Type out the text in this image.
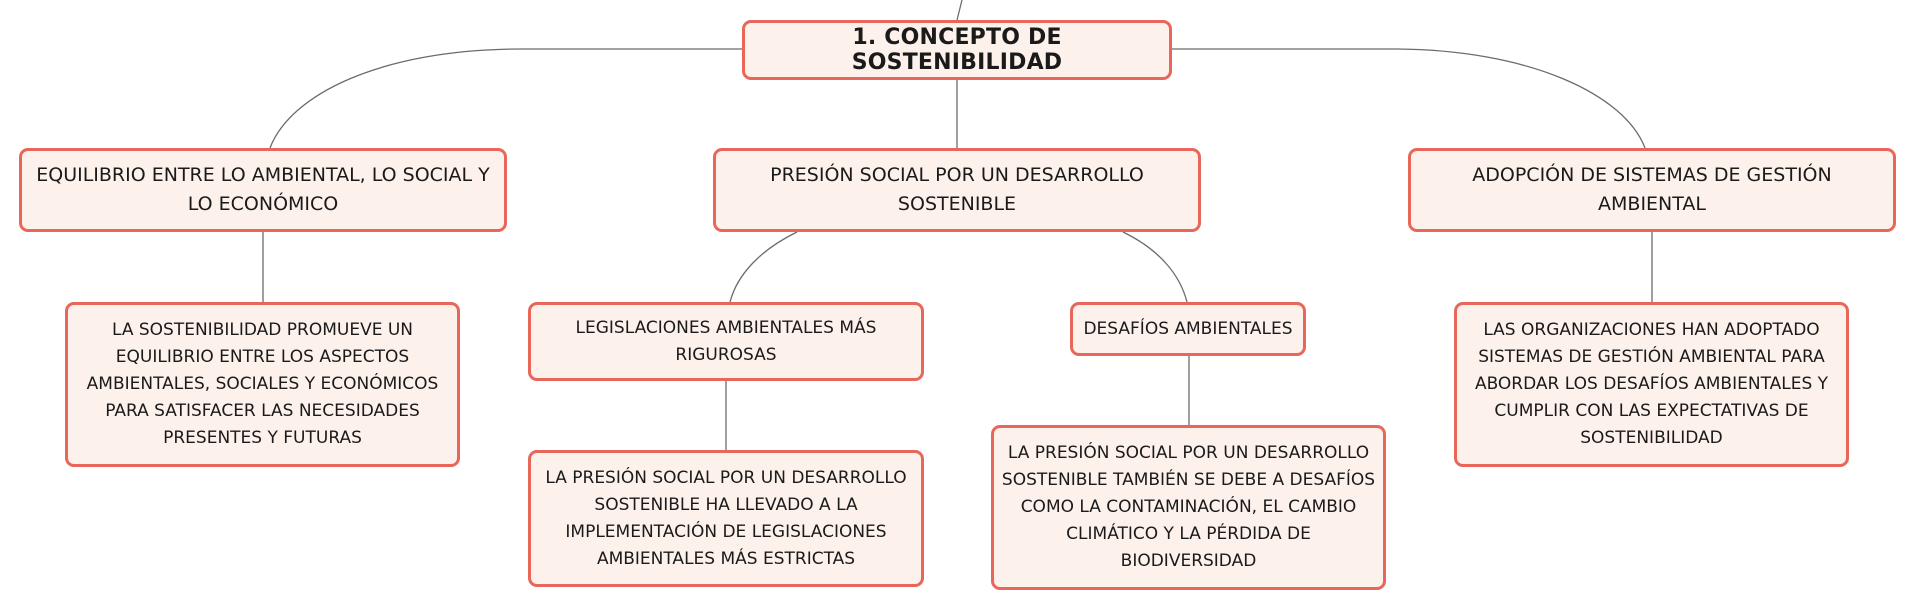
1. CONCEPTO DE SOSTENIBILIDAD
EQUILIBRIO ENTRE LO AMBIENTAL, LO SOCIAL Y LO ECONÓMICO
PRESIÓN SOCIAL POR UN DESARROLLO SOSTENIBLE
ADOPCIÓN DE SISTEMAS DE GESTIÓN AMBIENTAL
LA SOSTENIBILIDAD PROMUEVE UN EQUILIBRIO ENTRE LOS ASPECTOS AMBIENTALES, SOCIALES Y ECONÓMICOS PARA SATISFACER LAS NECESIDADES PRESENTES Y FUTURAS
LEGISLACIONES AMBIENTALES MÁS RIGUROSAS
DESAFÍOS AMBIENTALES
LA PRESIÓN SOCIAL POR UN DESARROLLO SOSTENIBLE HA LLEVADO A LA IMPLEMENTACIÓN DE LEGISLACIONES AMBIENTALES MÁS ESTRICTAS
LA PRESIÓN SOCIAL POR UN DESARROLLO SOSTENIBLE TAMBIÉN SE DEBE A DESAFÍOS COMO LA CONTAMINACIÓN, EL CAMBIO CLIMÁTICO Y LA PÉRDIDA DE BIODIVERSIDAD
LAS ORGANIZACIONES HAN ADOPTADO SISTEMAS DE GESTIÓN AMBIENTAL PARA ABORDAR LOS DESAFÍOS AMBIENTALES Y CUMPLIR CON LAS EXPECTATIVAS DE SOSTENIBILIDAD
